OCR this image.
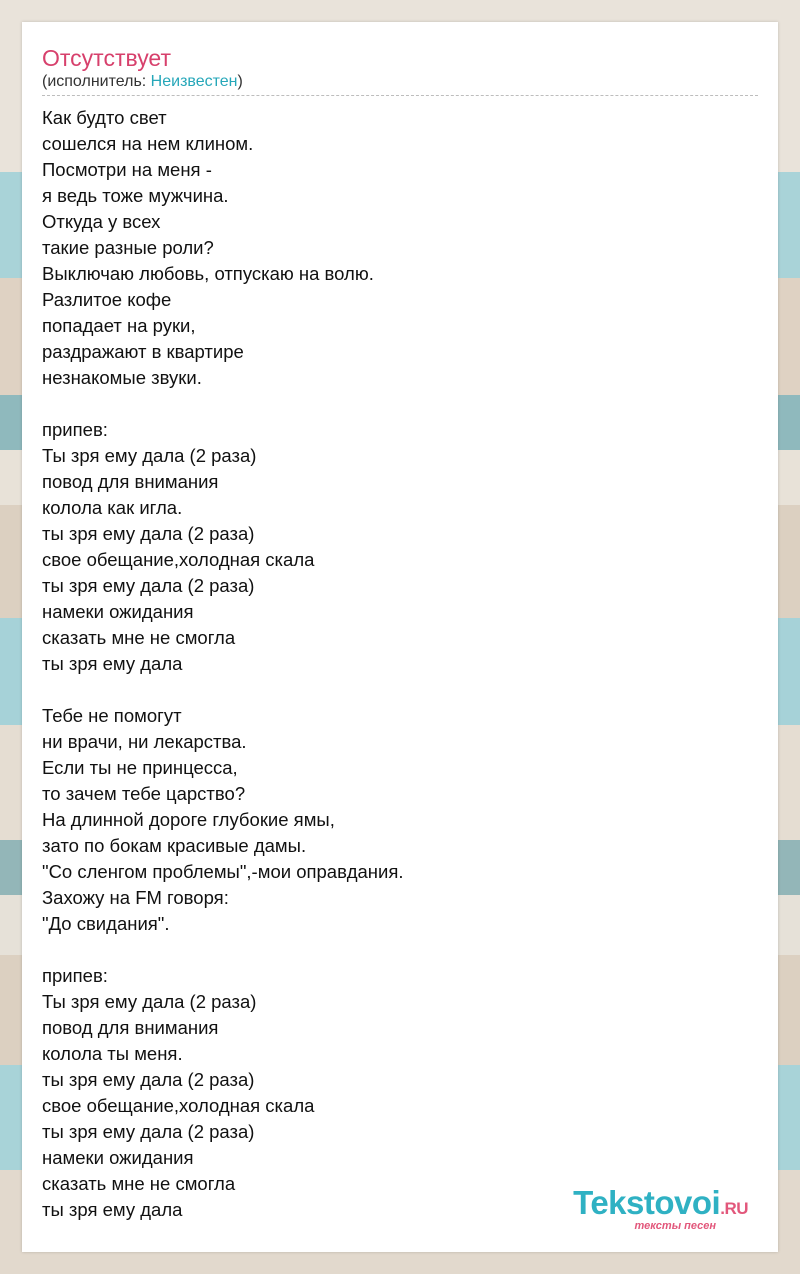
Отсутствует
(исполнитель: Неизвестен)
Как будто свет
сошелся на нем клином.
Посмотри на меня -
я ведь тоже мужчина.
Откуда у всех
такие разные роли?
Выключаю любовь, отпускаю на волю.
Разлитое кофе
попадает на руки,
раздражают в квартире
незнакомые звуки.

припев:
Ты зря ему дала (2 раза)
повод для внимания
колола как игла.
ты зря ему дала (2 раза)
свое обещание,холодная скала
ты зря ему дала (2 раза)
намеки ожидания
сказать мне не смогла
ты зря ему дала

Тебе не помогут
ни врачи, ни лекарства.
Если ты не принцесса,
то зачем тебе царство?
На длинной дороге глубокие ямы,
зато по бокам красивые дамы.
"Со сленгом проблемы",-мои оправдания.
Захожу на FM говоря:
"До свидания".

припев:
Ты зря ему дала (2 раза)
повод для внимания
колола ты меня.
ты зря ему дала (2 раза)
свое обещание,холодная скала
ты зря ему дала (2 раза)
намеки ожидания
сказать мне не смогла
ты зря ему дала	Tekstovoi.RU
тексты песен
